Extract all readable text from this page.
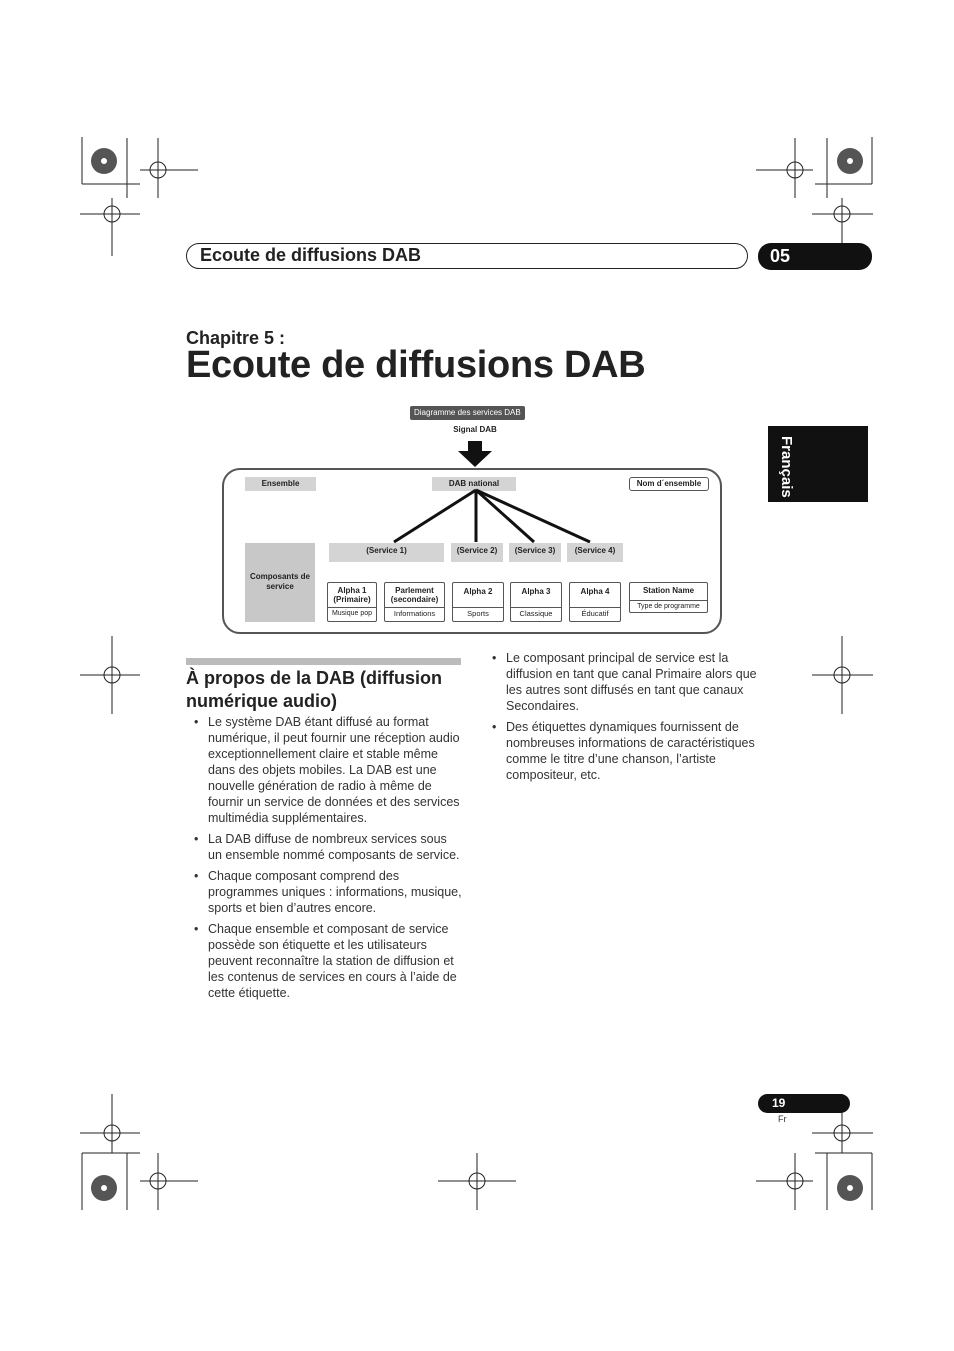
Ecoute de diffusions DAB	05
Français
Chapitre 5 :
Ecoute de diffusions DAB
Diagramme des services DAB
Signal DAB
Ensemble	DAB national	Nom d´ensemble
(Service 1)	(Service 2)	(Service 3)	(Service 4)
Composants de service	Alpha 1 (Primaire)
Musique pop
Parlement (secondaire)
Informations
Alpha 2
Sports
Alpha 3
Classique
Alpha 4
Éducatif
Station Name
Type de programme
À propos de la DAB (diffusion numérique audio)
• Le système DAB étant diffusé au format numérique, il peut fournir une réception audio exceptionnellement claire et stable même dans des objets mobiles. La DAB est une nouvelle génération de radio à même de fournir un service de données et des services multimédia supplémentaires.
• La DAB diffuse de nombreux services sous un ensemble nommé composants de service.
• Chaque composant comprend des programmes uniques : informations, musique, sports et bien d’autres encore.
• Chaque ensemble et composant de service possède son étiquette et les utilisateurs peuvent reconnaître la station de diffusion et les contenus de services en cours à l’aide de cette étiquette.
• Le composant principal de service est la diffusion en tant que canal Primaire alors que les autres sont diffusés en tant que canaux Secondaires.
• Des étiquettes dynamiques fournissent de nombreuses informations de caractéristiques comme le titre d’une chanson, l’artiste compositeur, etc.
19
Fr
